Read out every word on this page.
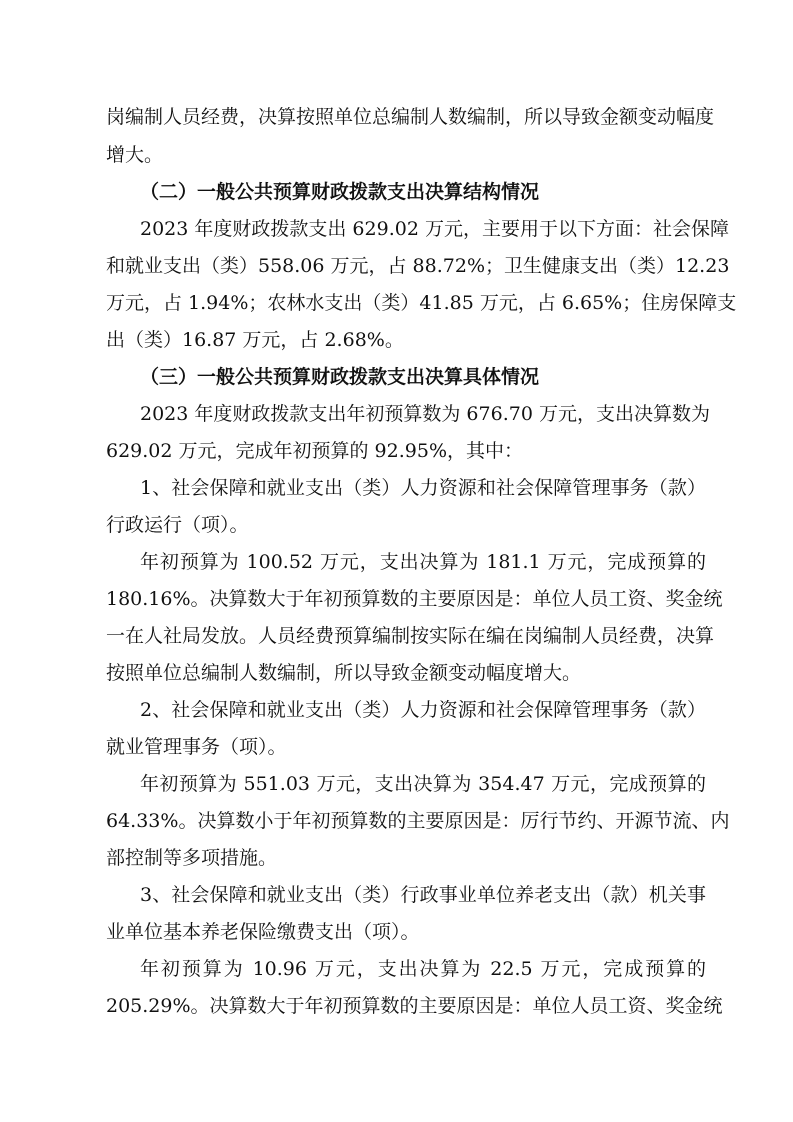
岗编制人员经费，决算按照单位总编制人数编制，所以导致金额变动幅度
增大。
（二）一般公共预算财政拨款支出决算结构情况
2023 年度财政拨款支出 629.02 万元，主要用于以下方面：社会保障
和就业支出（类）558.06 万元，占 88.72%；卫生健康支出（类）12.23
万元，占 1.94%；农林水支出（类）41.85 万元，占 6.65%；住房保障支
出（类）16.87 万元，占 2.68%。
（三）一般公共预算财政拨款支出决算具体情况
2023 年度财政拨款支出年初预算数为 676.70 万元，支出决算数为
629.02 万元，完成年初预算的 92.95%，其中：
1、社会保障和就业支出（类）人力资源和社会保障管理事务（款）
行政运行（项）。
年初预算为 100.52 万元，支出决算为 181.1 万元，完成预算的
180.16%。决算数大于年初预算数的主要原因是：单位人员工资、奖金统
一在人社局发放。人员经费预算编制按实际在编在岗编制人员经费，决算
按照单位总编制人数编制，所以导致金额变动幅度增大。
2、社会保障和就业支出（类）人力资源和社会保障管理事务（款）
就业管理事务（项）。
年初预算为 551.03 万元，支出决算为 354.47 万元，完成预算的
64.33%。决算数小于年初预算数的主要原因是：厉行节约、开源节流、内
部控制等多项措施。
3、社会保障和就业支出（类）行政事业单位养老支出（款）机关事
业单位基本养老保险缴费支出（项）。
年初预算为 10.96 万元，支出决算为 22.5 万元，完成预算的
205.29%。决算数大于年初预算数的主要原因是：单位人员工资、奖金统
